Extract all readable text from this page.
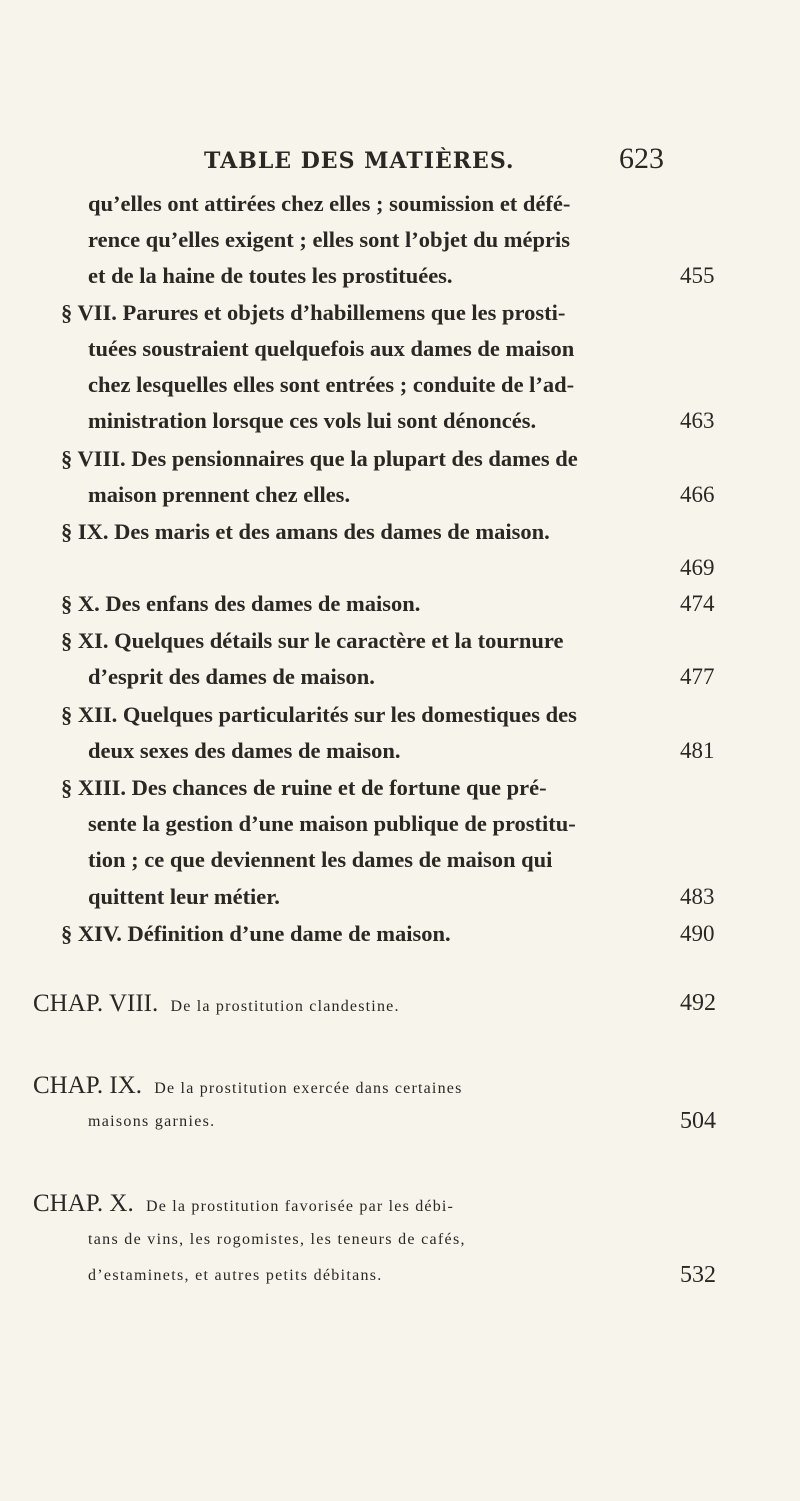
TABLE DES MATIÈRES.	623
qu’elles ont attirées chez elles ; soumission et défé-
rence qu’elles exigent ; elles sont l’objet du mépris
et de la haine de toutes les prostituées.	455
§ VII. Parures et objets d’habillemens que les prosti-
tuées soustraient quelquefois aux dames de maison
chez lesquelles elles sont entrées ; conduite de l’ad-
ministration lorsque ces vols lui sont dénoncés.	463
§ VIII. Des pensionnaires que la plupart des dames de
maison prennent chez elles.	466
§ IX. Des maris et des amans des dames de maison.
469
§ X. Des enfans des dames de maison.	474
§ XI. Quelques détails sur le caractère et la tournure
d’esprit des dames de maison.	477
§ XII. Quelques particularités sur les domestiques des
deux sexes des dames de maison.	481
§ XIII. Des chances de ruine et de fortune que pré-
sente la gestion d’une maison publique de prostitu-
tion ; ce que deviennent les dames de maison qui
quittent leur métier.	483
§ XIV. Définition d’une dame de maison.	490
CHAP. VIII. De la prostitution clandestine.	492
CHAP. IX. De la prostitution exercée dans certaines
maisons garnies.	504
CHAP. X. De la prostitution favorisée par les débi-
tans de vins, les rogomistes, les teneurs de cafés,
d’estaminets, et autres petits débitans.	532
